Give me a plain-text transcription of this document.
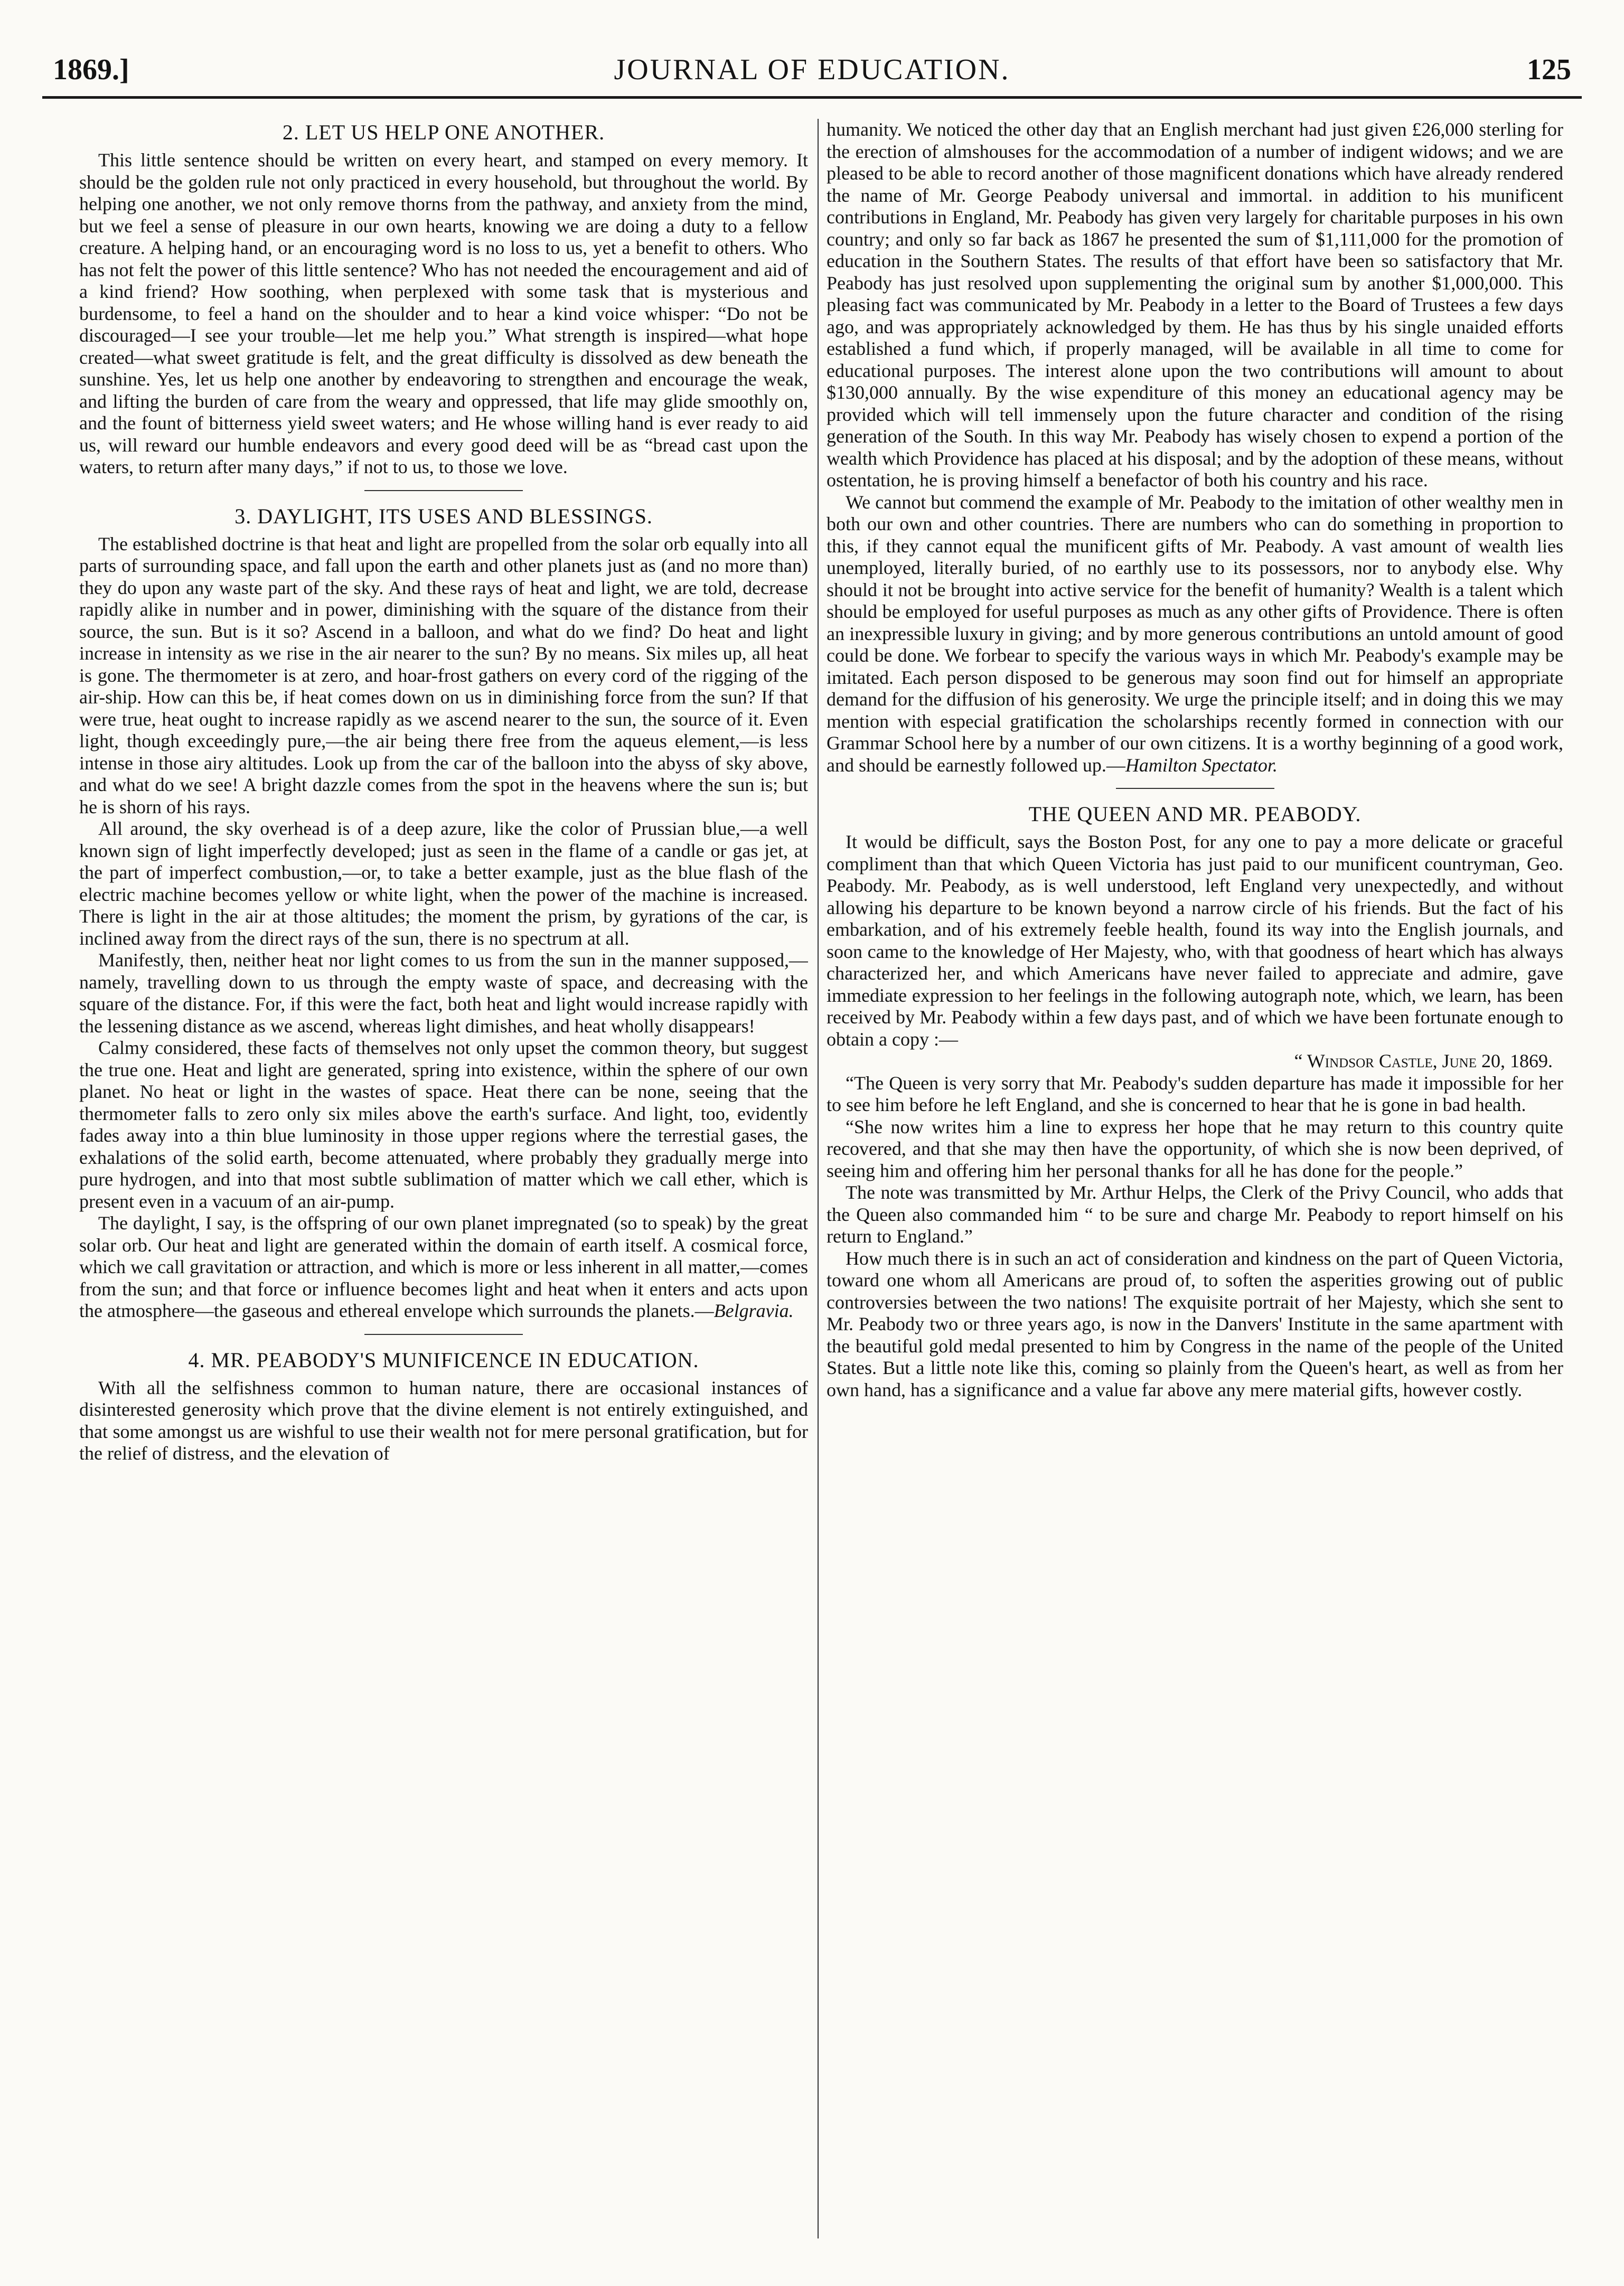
1869.]	JOURNAL OF EDUCATION.	125
2. LET US HELP ONE ANOTHER.

This little sentence should be written on every heart, and stamped on every memory. It should be the golden rule not only practiced in every household, but throughout the world. By helping one another, we not only remove thorns from the pathway, and anxiety from the mind, but we feel a sense of pleasure in our own hearts, knowing we are doing a duty to a fellow creature. A helping hand, or an encouraging word is no loss to us, yet a benefit to others. Who has not felt the power of this little sentence? Who has not needed the encouragement and aid of a kind friend? How soothing, when perplexed with some task that is mysterious and burdensome, to feel a hand on the shoulder and to hear a kind voice whisper: “Do not be discouraged—I see your trouble—let me help you.” What strength is inspired—what hope created—what sweet gratitude is felt, and the great difficulty is dissolved as dew beneath the sunshine. Yes, let us help one another by endeavoring to strengthen and encourage the weak, and lifting the burden of care from the weary and oppressed, that life may glide smoothly on, and the fount of bitterness yield sweet waters; and He whose willing hand is ever ready to aid us, will reward our humble endeavors and every good deed will be as “bread cast upon the waters, to return after many days,” if not to us, to those we love.

3. DAYLIGHT, ITS USES AND BLESSINGS.

The established doctrine is that heat and light are propelled from the solar orb equally into all parts of surrounding space, and fall upon the earth and other planets just as (and no more than) they do upon any waste part of the sky. And these rays of heat and light, we are told, decrease rapidly alike in number and in power, diminishing with the square of the distance from their source, the sun. But is it so? Ascend in a balloon, and what do we find? Do heat and light increase in intensity as we rise in the air nearer to the sun? By no means. Six miles up, all heat is gone. The thermometer is at zero, and hoar-frost gathers on every cord of the rigging of the air-ship. How can this be, if heat comes down on us in diminishing force from the sun? If that were true, heat ought to increase rapidly as we ascend nearer to the sun, the source of it. Even light, though exceedingly pure,—the air being there free from the aqueus element,—is less intense in those airy altitudes. Look up from the car of the balloon into the abyss of sky above, and what do we see! A bright dazzle comes from the spot in the heavens where the sun is; but he is shorn of his rays.

All around, the sky overhead is of a deep azure, like the color of Prussian blue,—a well known sign of light imperfectly developed; just as seen in the flame of a candle or gas jet, at the part of imperfect combustion,—or, to take a better example, just as the blue flash of the electric machine becomes yellow or white light, when the power of the machine is increased. There is light in the air at those altitudes; the moment the prism, by gyrations of the car, is inclined away from the direct rays of the sun, there is no spectrum at all.

Manifestly, then, neither heat nor light comes to us from the sun in the manner supposed,—namely, travelling down to us through the empty waste of space, and decreasing with the square of the distance. For, if this were the fact, both heat and light would increase rapidly with the lessening distance as we ascend, whereas light dimishes, and heat wholly disappears!

Calmy considered, these facts of themselves not only upset the common theory, but suggest the true one. Heat and light are generated, spring into existence, within the sphere of our own planet. No heat or light in the wastes of space. Heat there can be none, seeing that the thermometer falls to zero only six miles above the earth's surface. And light, too, evidently fades away into a thin blue luminosity in those upper regions where the terrestial gases, the exhalations of the solid earth, become attenuated, where probably they gradually merge into pure hydrogen, and into that most subtle sublimation of matter which we call ether, which is present even in a vacuum of an air-pump.

The daylight, I say, is the offspring of our own planet impregnated (so to speak) by the great solar orb. Our heat and light are generated within the domain of earth itself. A cosmical force, which we call gravitation or attraction, and which is more or less inherent in all matter,—comes from the sun; and that force or influence becomes light and heat when it enters and acts upon the atmosphere—the gaseous and ethereal envelope which surrounds the planets.—Belgravia.

4. MR. PEABODY'S MUNIFICENCE IN EDUCATION.

With all the selfishness common to human nature, there are occasional instances of disinterested generosity which prove that the divine element is not entirely extinguished, and that some amongst us are wishful to use their wealth not for mere personal gratification, but for the relief of distress, and the elevation of

humanity. We noticed the other day that an English merchant had just given £26,000 sterling for the erection of almshouses for the accommodation of a number of indigent widows; and we are pleased to be able to record another of those magnificent donations which have already rendered the name of Mr. George Peabody universal and immortal. in addition to his munificent contributions in England, Mr. Peabody has given very largely for charitable purposes in his own country; and only so far back as 1867 he presented the sum of $1,111,000 for the promotion of education in the Southern States. The results of that effort have been so satisfactory that Mr. Peabody has just resolved upon supplementing the original sum by another $1,000,000. This pleasing fact was communicated by Mr. Peabody in a letter to the Board of Trustees a few days ago, and was appropriately acknowledged by them. He has thus by his single unaided efforts established a fund which, if properly managed, will be available in all time to come for educational purposes. The interest alone upon the two contributions will amount to about $130,000 annually. By the wise expenditure of this money an educational agency may be provided which will tell immensely upon the future character and condition of the rising generation of the South. In this way Mr. Peabody has wisely chosen to expend a portion of the wealth which Providence has placed at his disposal; and by the adoption of these means, without ostentation, he is proving himself a benefactor of both his country and his race.

We cannot but commend the example of Mr. Peabody to the imitation of other wealthy men in both our own and other countries. There are numbers who can do something in proportion to this, if they cannot equal the munificent gifts of Mr. Peabody. A vast amount of wealth lies unemployed, literally buried, of no earthly use to its possessors, nor to anybody else. Why should it not be brought into active service for the benefit of humanity? Wealth is a talent which should be employed for useful purposes as much as any other gifts of Providence. There is often an inexpressible luxury in giving; and by more generous contributions an untold amount of good could be done. We forbear to specify the various ways in which Mr. Peabody's example may be imitated. Each person disposed to be generous may soon find out for himself an appropriate demand for the diffusion of his generosity. We urge the principle itself; and in doing this we may mention with especial gratification the scholarships recently formed in connection with our Grammar School here by a number of our own citizens. It is a worthy beginning of a good work, and should be earnestly followed up.—Hamilton Spectator.

THE QUEEN AND MR. PEABODY.

It would be difficult, says the Boston Post, for any one to pay a more delicate or graceful compliment than that which Queen Victoria has just paid to our munificent countryman, Geo. Peabody. Mr. Peabody, as is well understood, left England very unexpectedly, and without allowing his departure to be known beyond a narrow circle of his friends. But the fact of his embarkation, and of his extremely feeble health, found its way into the English journals, and soon came to the knowledge of Her Majesty, who, with that goodness of heart which has always characterized her, and which Americans have never failed to appreciate and admire, gave immediate expression to her feelings in the following autograph note, which, we learn, has been received by Mr. Peabody within a few days past, and of which we have been fortunate enough to obtain a copy :—

“ Windsor Castle, June 20, 1869.

“The Queen is very sorry that Mr. Peabody's sudden departure has made it impossible for her to see him before he left England, and she is concerned to hear that he is gone in bad health.

“She now writes him a line to express her hope that he may return to this country quite recovered, and that she may then have the opportunity, of which she is now been deprived, of seeing him and offering him her personal thanks for all he has done for the people.”

The note was transmitted by Mr. Arthur Helps, the Clerk of the Privy Council, who adds that the Queen also commanded him “ to be sure and charge Mr. Peabody to report himself on his return to England.”

How much there is in such an act of consideration and kindness on the part of Queen Victoria, toward one whom all Americans are proud of, to soften the asperities growing out of public controversies between the two nations! The exquisite portrait of her Majesty, which she sent to Mr. Peabody two or three years ago, is now in the Danvers' Institute in the same apartment with the beautiful gold medal presented to him by Congress in the name of the people of the United States. But a little note like this, coming so plainly from the Queen's heart, as well as from her own hand, has a significance and a value far above any mere material gifts, however costly.
